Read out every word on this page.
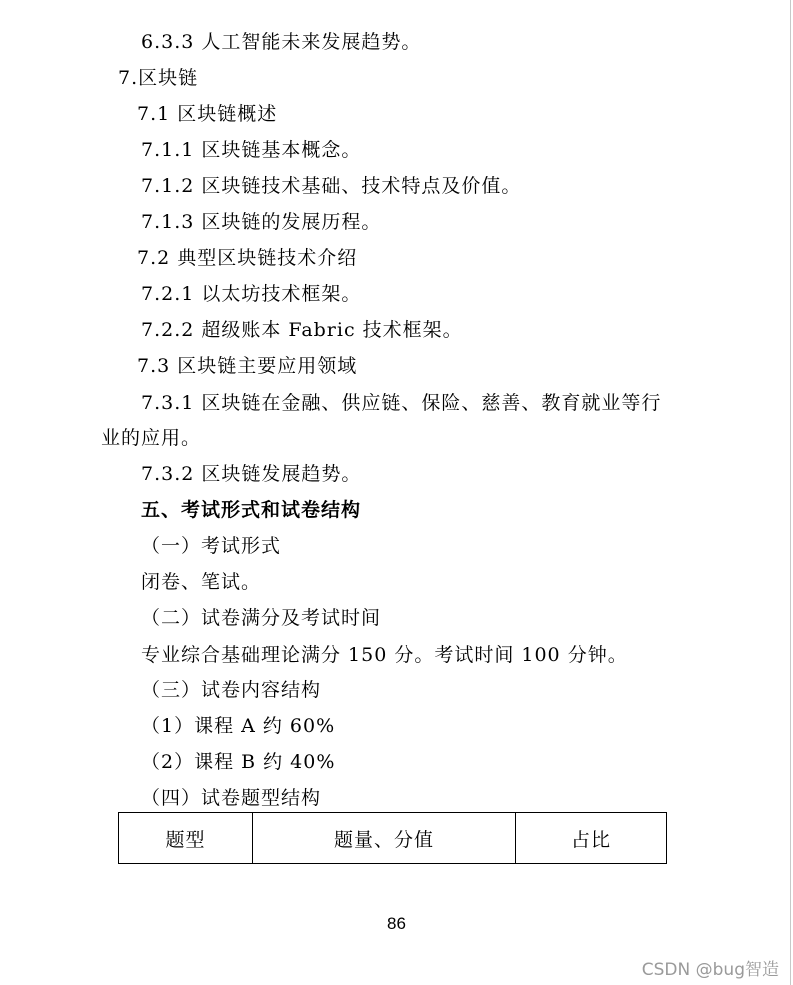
6.3.3 人工智能未来发展趋势。
7.区块链
7.1 区块链概述
7.1.1 区块链基本概念。
7.1.2 区块链技术基础、技术特点及价值。
7.1.3 区块链的发展历程。
7.2 典型区块链技术介绍
7.2.1 以太坊技术框架。
7.2.2 超级账本 Fabric 技术框架。
7.3 区块链主要应用领域
7.3.1 区块链在金融、供应链、保险、慈善、教育就业等行
业的应用。
7.3.2 区块链发展趋势。
五、考试形式和试卷结构
（一）考试形式
闭卷、笔试。
（二）试卷满分及考试时间
专业综合基础理论满分 150 分。考试时间 100 分钟。
（三）试卷内容结构
（1）课程 A 约 60%
（2）课程 B 约 40%
（四）试卷题型结构
题型	题量、分值	占比
86
CSDN @bug智造
